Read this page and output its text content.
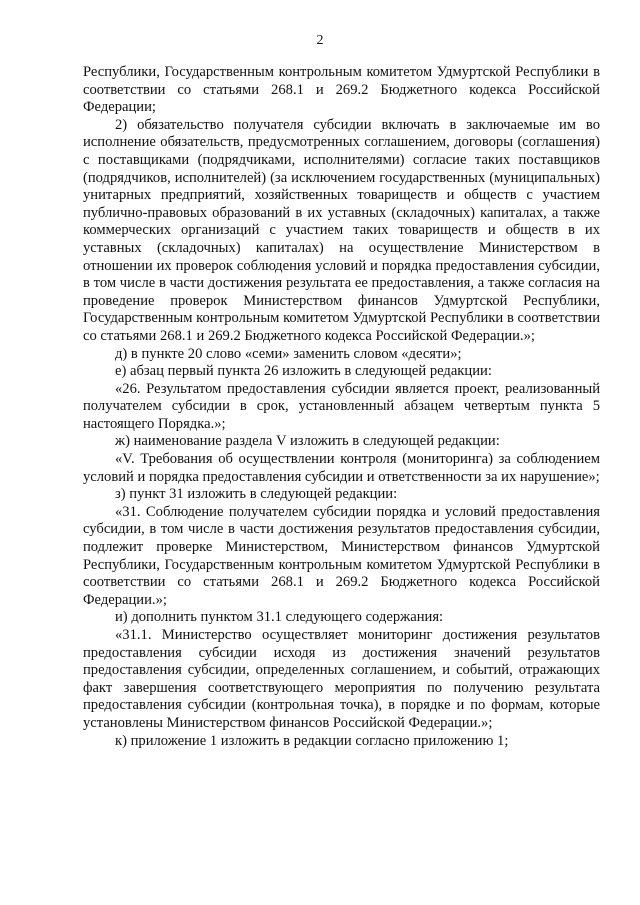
2

Республики, Государственным контрольным комитетом Удмуртской Республики в соответствии со статьями 268.1 и 269.2 Бюджетного кодекса Российской Федерации;

2) обязательство получателя субсидии включать в заключаемые им во исполнение обязательств, предусмотренных соглашением, договоры (соглашения) с поставщиками (подрядчиками, исполнителями) согласие таких поставщиков (подрядчиков, исполнителей) (за исключением государственных (муниципальных) унитарных предприятий, хозяйственных товариществ и обществ с участием публично-правовых образований в их уставных (складочных) капиталах, а также коммерческих организаций с участием таких товариществ и обществ в их уставных (складочных) капиталах) на осуществление Министерством в отношении их проверок соблюдения условий и порядка предоставления субсидии, в том числе в части достижения результата ее предоставления, а также согласия на проведение проверок Министерством финансов Удмуртской Республики, Государственным контрольным комитетом Удмуртской Республики в соответствии со статьями 268.1 и 269.2 Бюджетного кодекса Российской Федерации.»;

д) в пункте 20 слово «семи» заменить словом «десяти»;

е) абзац первый пункта 26 изложить в следующей редакции:

«26. Результатом предоставления субсидии является проект, реализованный получателем субсидии в срок, установленный абзацем четвертым пункта 5 настоящего Порядка.»;

ж) наименование раздела V изложить в следующей редакции:

«V. Требования об осуществлении контроля (мониторинга) за соблюдением условий и порядка предоставления субсидии и ответственности за их нарушение»;

з) пункт 31 изложить в следующей редакции:

«31. Соблюдение получателем субсидии порядка и условий предоставления субсидии, в том числе в части достижения результатов предоставления субсидии, подлежит проверке Министерством, Министерством финансов Удмуртской Республики, Государственным контрольным комитетом Удмуртской Республики в соответствии со статьями 268.1 и 269.2 Бюджетного кодекса Российской Федерации.»;

и) дополнить пунктом 31.1 следующего содержания:

«31.1. Министерство осуществляет мониторинг достижения результатов предоставления субсидии исходя из достижения значений результатов предоставления субсидии, определенных соглашением, и событий, отражающих факт завершения соответствующего мероприятия по получению результата предоставления субсидии (контрольная точка), в порядке и по формам, которые установлены Министерством финансов Российской Федерации.»;

к) приложение 1 изложить в редакции согласно приложению 1;
